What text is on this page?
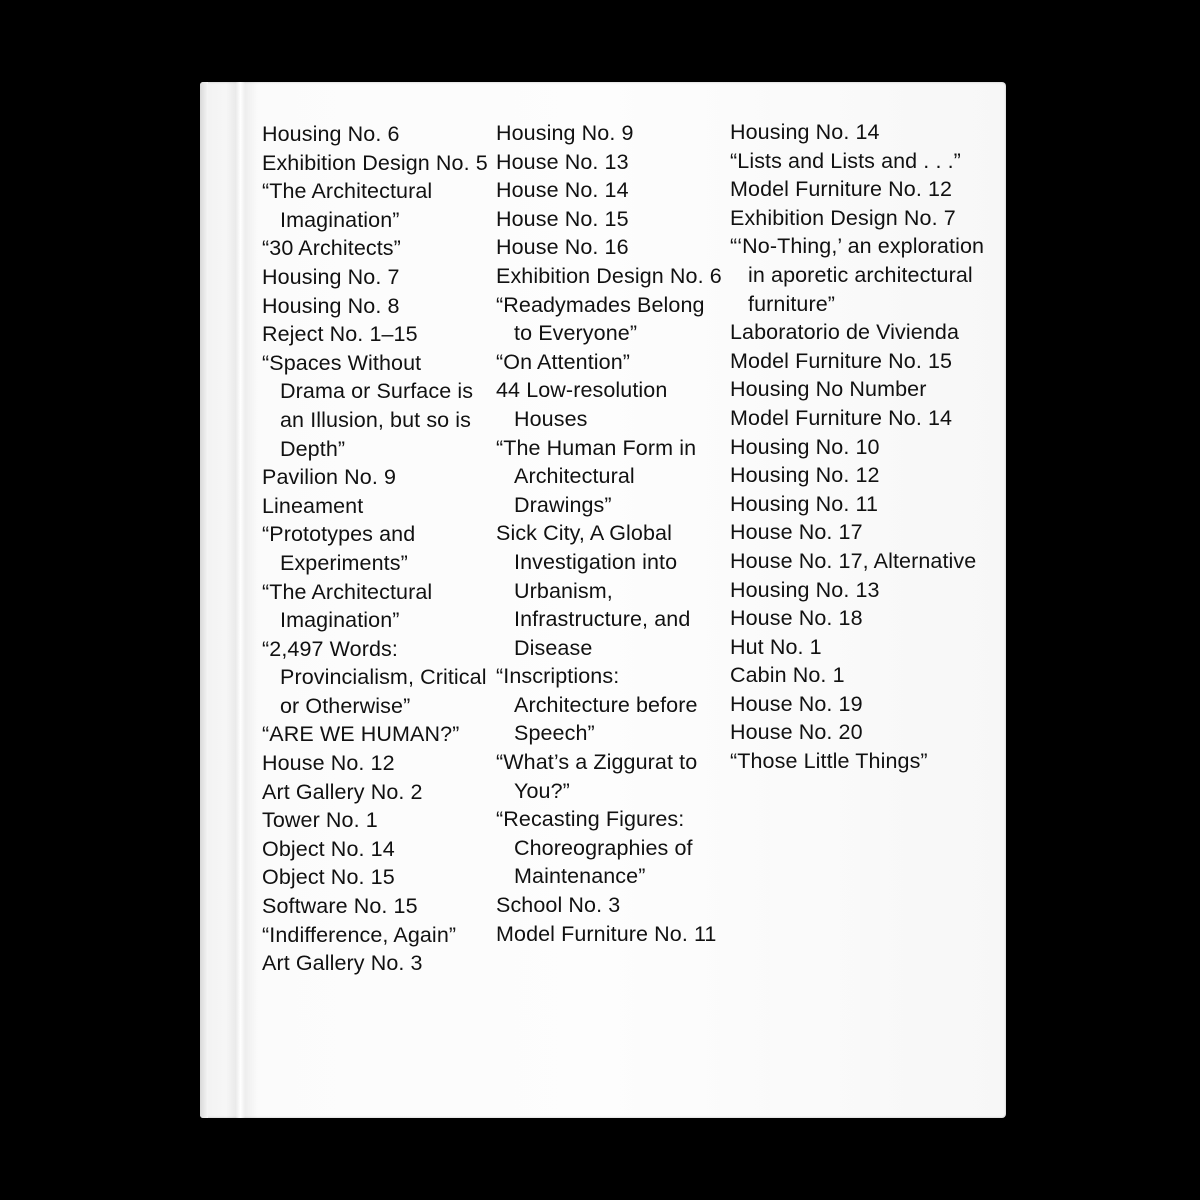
Housing No. 6
Exhibition Design No. 5
“The Architectural Imagination”
“30 Architects”
Housing No. 7
Housing No. 8
Reject No. 1–15
“Spaces Without Drama or Surface is an Illusion, but so is Depth”
Pavilion No. 9
Lineament
“Prototypes and Experiments”
“The Architectural Imagination”
“2,497 Words: Provincialism, Critical or Otherwise”
“ARE WE HUMAN?”
House No. 12
Art Gallery No. 2
Tower No. 1
Object No. 14
Object No. 15
Software No. 15
“Indifference, Again”
Art Gallery No. 3
Housing No. 9
House No. 13
House No. 14
House No. 15
House No. 16
Exhibition Design No. 6
“Readymades Belong to Everyone”
“On Attention”
44 Low-resolution Houses
“The Human Form in Architectural Drawings”
Sick City, A Global Investigation into Urbanism, Infrastructure, and Disease
“Inscriptions: Architecture before Speech”
“What’s a Ziggurat to You?”
“Recasting Figures: Choreographies of Maintenance”
School No. 3
Model Furniture No. 11
Housing No. 14
“Lists and Lists and . . .”
Model Furniture No. 12
Exhibition Design No. 7
“‘No-Thing,’ an exploration in aporetic architectural furniture”
Laboratorio de Vivienda
Model Furniture No. 15
Housing No Number
Model Furniture No. 14
Housing No. 10
Housing No. 12
Housing No. 11
House No. 17
House No. 17, Alternative
Housing No. 13
House No. 18
Hut No. 1
Cabin No. 1
House No. 19
House No. 20
“Those Little Things”
